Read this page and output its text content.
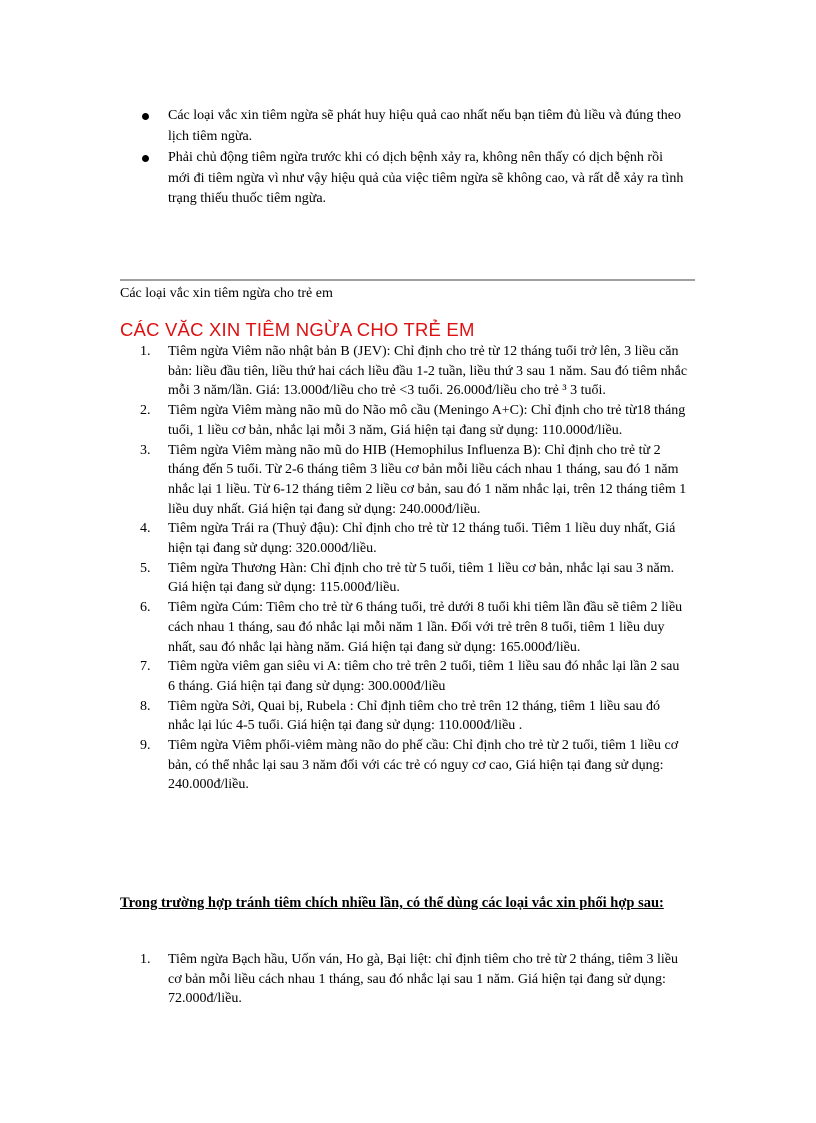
Các loại vắc xin tiêm ngừa sẽ phát huy hiệu quả cao nhất nếu bạn tiêm đủ liều và đúng theo lịch tiêm ngừa.
Phải chủ động tiêm ngừa trước khi có dịch bệnh xảy ra, không nên thấy có dịch bệnh rồi mới đi tiêm ngừa vì như vậy hiệu quả của việc tiêm ngừa sẽ không cao, và rất dễ xảy ra tình trạng thiếu thuốc tiêm ngừa.
Các loại vắc xin tiêm ngừa cho trẻ em
CÁC VĂC XIN TIÊM NGỪA CHO TRẺ EM
1. Tiêm ngừa Viêm não nhật bản B (JEV): Chỉ định cho trẻ từ 12 tháng tuổi trở lên, 3 liều căn bản: liều đầu tiên, liều thứ hai cách liều đầu 1-2 tuần, liều thứ 3 sau 1 năm. Sau đó tiêm nhắc mỗi 3 năm/lần. Giá: 13.000đ/liều cho trẻ <3 tuổi. 26.000đ/liều cho trẻ ³ 3 tuổi.
2. Tiêm ngừa Viêm màng não mũ do Não mô cầu (Meningo A+C): Chỉ định cho trẻ từ18 tháng tuổi, 1 liều cơ bản, nhắc lại mỗi 3 năm, Giá hiện tại đang sử dụng: 110.000đ/liều.
3. Tiêm ngừa Viêm màng não mũ do HIB (Hemophilus Influenza B): Chỉ định cho trẻ từ 2 tháng đến 5 tuổi. Từ 2-6 tháng tiêm 3 liều cơ bản mỗi liều cách nhau 1 tháng, sau đó 1 năm nhắc lại 1 liều. Từ 6-12 tháng tiêm 2 liều cơ bản, sau đó 1 năm nhắc lại, trên 12 tháng tiêm 1 liều duy nhất. Giá hiện tại đang sử dụng: 240.000đ/liều.
4. Tiêm ngừa Trái ra (Thuỷ đậu): Chỉ định cho trẻ từ 12 tháng tuổi. Tiêm 1 liều duy nhất, Giá hiện tại đang sử dụng: 320.000đ/liều.
5. Tiêm ngừa Thương Hàn: Chỉ định cho trẻ từ 5 tuổi, tiêm 1 liều cơ bản, nhắc lại sau 3 năm. Giá hiện tại đang sử dụng: 115.000đ/liều.
6. Tiêm ngừa Cúm: Tiêm cho trẻ từ 6 tháng tuổi, trẻ dưới 8 tuổi khi tiêm lần đầu sẽ tiêm 2 liều cách nhau 1 tháng, sau đó nhắc lại mỗi năm 1 lần. Đối với trẻ trên 8 tuổi, tiêm 1 liều duy nhất, sau đó nhắc lại hàng năm. Giá hiện tại đang sử dụng: 165.000đ/liều.
7. Tiêm ngừa viêm gan siêu vi A: tiêm cho trẻ trên 2 tuổi, tiêm 1 liều sau đó nhắc lại lần 2 sau 6 tháng. Giá hiện tại đang sử dụng: 300.000đ/liều
8. Tiêm ngừa Sởi, Quai bị, Rubela : Chỉ định tiêm cho trẻ trên 12 tháng, tiêm 1 liều sau đó nhắc lại lúc 4-5 tuổi. Giá hiện tại đang sử dụng: 110.000đ/liều .
9. Tiêm ngừa Viêm phổi-viêm màng não do phế cầu: Chỉ định cho trẻ từ 2 tuổi, tiêm 1 liều cơ bản, có thể nhắc lại sau 3 năm đối với các trẻ có nguy cơ cao, Giá hiện tại đang sử dụng: 240.000đ/liều.
Trong trường hợp tránh tiêm chích nhiều lần, có thể dùng các loại vắc xin phối hợp sau:
1. Tiêm ngừa Bạch hầu, Uốn ván, Ho gà, Bại liệt: chỉ định tiêm cho trẻ từ 2 tháng, tiêm 3 liều cơ bản mỗi liều cách nhau 1 tháng, sau đó nhắc lại sau 1 năm. Giá hiện tại đang sử dụng: 72.000đ/liều.
